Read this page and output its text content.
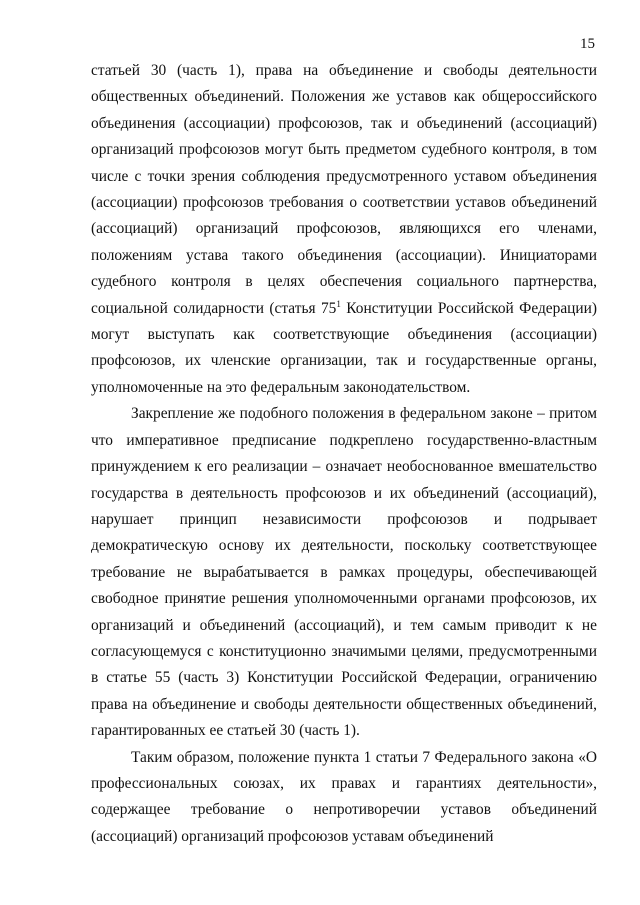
15

статьей 30 (часть 1), права на объединение и свободы деятельности общественных объединений. Положения же уставов как общероссийского объединения (ассоциации) профсоюзов, так и объединений (ассоциаций) организаций профсоюзов могут быть предметом судебного контроля, в том числе с точки зрения соблюдения предусмотренного уставом объединения (ассоциации) профсоюзов требования о соответствии уставов объединений (ассоциаций) организаций профсоюзов, являющихся его членами, положениям устава такого объединения (ассоциации). Инициаторами судебного контроля в целях обеспечения социального партнерства, социальной солидарности (статья $75^1$ Конституции Российской Федерации) могут выступать как соответствующие объединения (ассоциации) профсоюзов, их членские организации, так и государственные органы, уполномоченные на это федеральным законодательством.

Закрепление же подобного положения в федеральном законе – притом что императивное предписание подкреплено государственно-властным принуждением к его реализации – означает необоснованное вмешательство государства в деятельность профсоюзов и их объединений (ассоциаций), нарушает принцип независимости профсоюзов и подрывает демократическую основу их деятельности, поскольку соответствующее требование не вырабатывается в рамках процедуры, обеспечивающей свободное принятие решения уполномоченными органами профсоюзов, их организаций и объединений (ассоциаций), и тем самым приводит к не согласующемуся с конституционно значимыми целями, предусмотренными в статье 55 (часть 3) Конституции Российской Федерации, ограничению права на объединение и свободы деятельности общественных объединений, гарантированных ее статьей 30 (часть 1).

Таким образом, положение пункта 1 статьи 7 Федерального закона «О профессиональных союзах, их правах и гарантиях деятельности», содержащее требование о непротиворечии уставов объединений (ассоциаций) организаций профсоюзов уставам объединений
